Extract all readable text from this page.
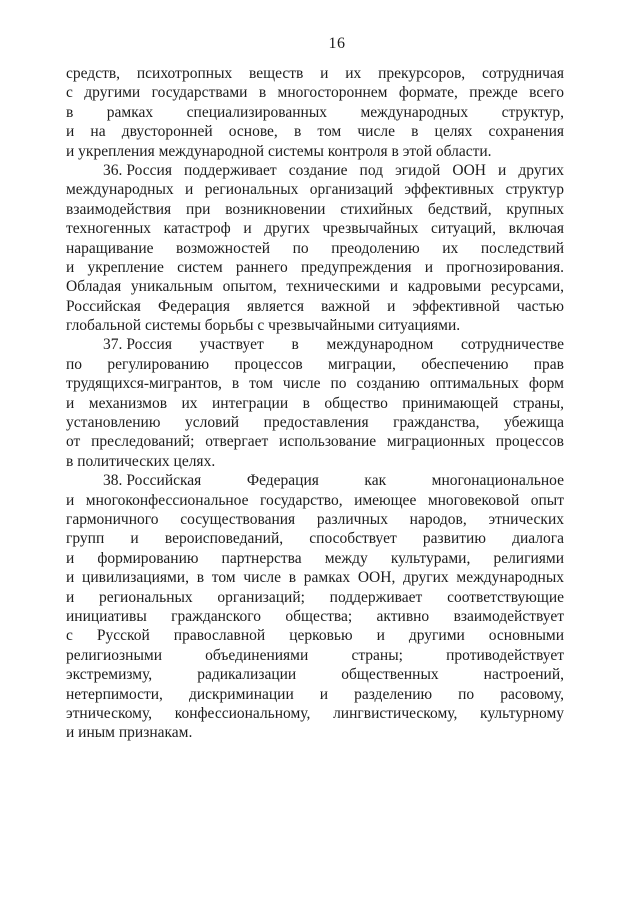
16
средств, психотропных веществ и их прекурсоров, сотрудничая
с другими государствами в многостороннем формате, прежде всего
в рамках специализированных международных структур,
и на двусторонней основе, в том числе в целях сохранения
и укрепления международной системы контроля в этой области.
36. Россия поддерживает создание под эгидой ООН и других
международных и региональных организаций эффективных структур
взаимодействия при возникновении стихийных бедствий, крупных
техногенных катастроф и других чрезвычайных ситуаций, включая
наращивание возможностей по преодолению их последствий
и укрепление систем раннего предупреждения и прогнозирования.
Обладая уникальным опытом, техническими и кадровыми ресурсами,
Российская Федерация является важной и эффективной частью
глобальной системы борьбы с чрезвычайными ситуациями.
37. Россия участвует в международном сотрудничестве
по регулированию процессов миграции, обеспечению прав
трудящихся-мигрантов, в том числе по созданию оптимальных форм
и механизмов их интеграции в общество принимающей страны,
установлению условий предоставления гражданства, убежища
от преследований; отвергает использование миграционных процессов
в политических целях.
38. Российская Федерация как многонациональное
и многоконфессиональное государство, имеющее многовековой опыт
гармоничного сосуществования различных народов, этнических
групп и вероисповеданий, способствует развитию диалога
и формированию партнерства между культурами, религиями
и цивилизациями, в том числе в рамках ООН, других международных
и региональных организаций; поддерживает соответствующие
инициативы гражданского общества; активно взаимодействует
с Русской православной церковью и другими основными
религиозными объединениями страны; противодействует
экстремизму, радикализации общественных настроений,
нетерпимости, дискриминации и разделению по расовому,
этническому, конфессиональному, лингвистическому, культурному
и иным признакам.
